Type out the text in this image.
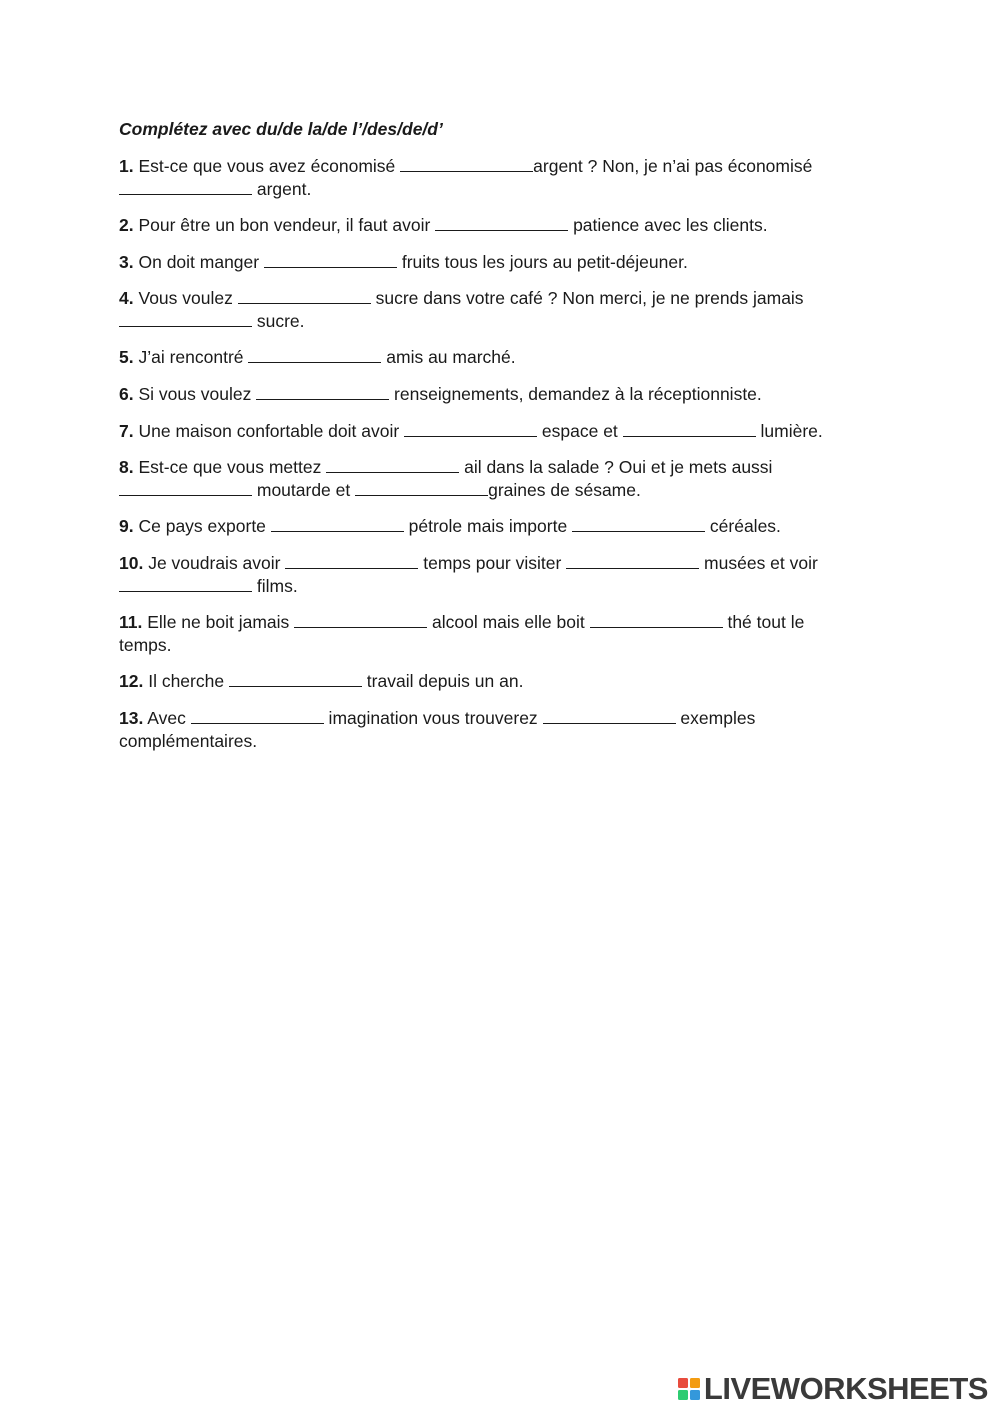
Complétez avec du/de la/de l’/des/de/d’

1. Est-ce que vous avez économisé	argent ? Non, je n’ai pas économisé  argent.

2. Pour être un bon vendeur, il faut avoir	patience avec les clients.

3. On doit manger	fruits tous les jours au petit-déjeuner.

4. Vous voulez	sucre dans votre café ? Non merci, je ne prends jamais  sucre.

5. J’ai rencontré	amis au marché.

6. Si vous voulez	renseignements, demandez à la réceptionniste.

7. Une maison confortable doit avoir	espace et	lumière.

8. Est-ce que vous mettez	ail dans la salade ? Oui et je mets aussi  moutarde et	graines de sésame.

9. Ce pays exporte	pétrole mais importe	céréales.

10. Je voudrais avoir	temps pour visiter	musées et voir  films.

11. Elle ne boit jamais	alcool mais elle boit	thé tout le temps.

12. Il cherche	travail depuis un an.

13. Avec	imagination vous trouverez	exemples complémentaires.

LIVEWORKSHEETS
